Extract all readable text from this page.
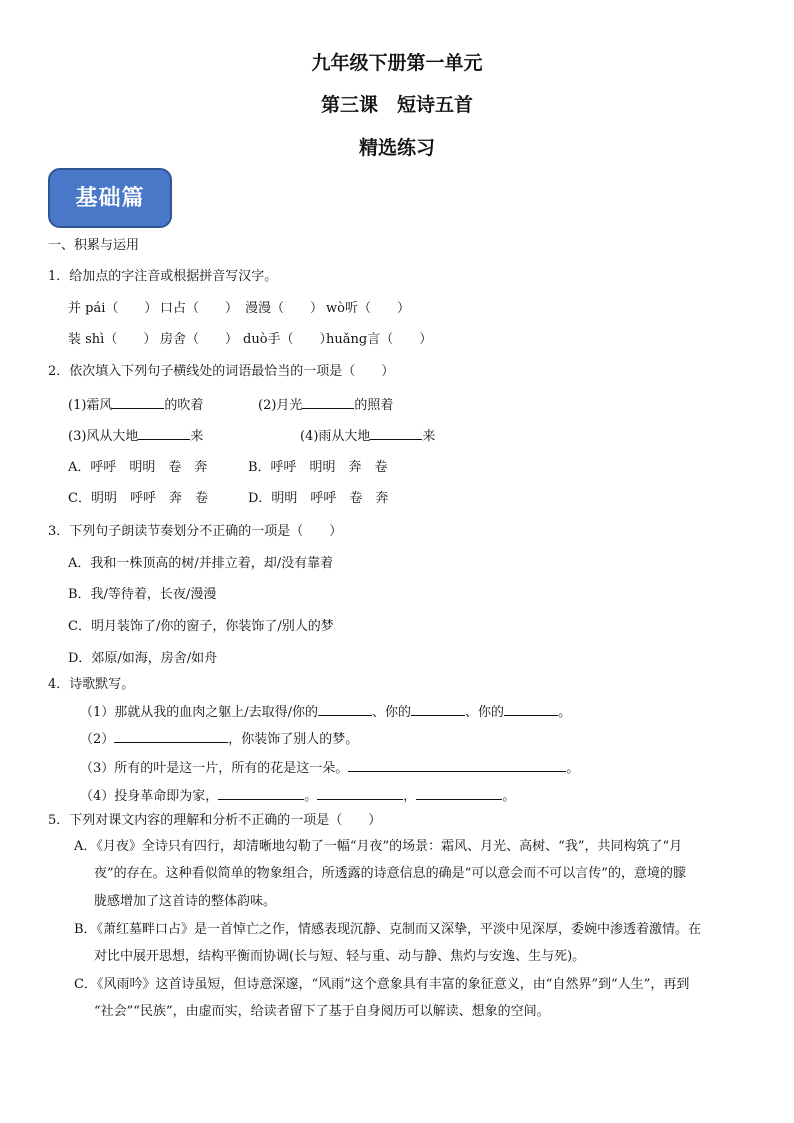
九年级下册第一单元
第三课　短诗五首
精选练习
基础篇
一、积累与运用
1．给加点的字注音或根据拼音写汉字。
并 pái（　　） 口占（　　） 漫漫（　　） wò听（　　）
装 shì（　　） 房舍（　　） duò手（　　）
huǎng言（　　）
2．依次填入下列句子横线处的词语最恰当的一项是（　　）
(1)霜风	的吹着	(2)月光	的照着
(3)风从大地	来	(4)雨从大地	来
A．呼呼　明明　卷　奔	B．呼呼　明明　奔　卷
C．明明　呼呼　奔　卷	D．明明　呼呼　卷　奔
3．下列句子朗读节奏划分不正确的一项是（　　）
A．我和一株顶高的树/并排立着，却/没有靠着
B．我/等待着，长夜/漫漫
C．明月装饰了/你的窗子，你装饰了/别人的梦
D．郊原/如海，房舍/如舟
4．诗歌默写。
（1）那就从我的血肉之躯上/去取得/你的	、你的	、你的	。
（2）	，你装饰了别人的梦。
（3）所有的叶是这一片，所有的花是这一朵。	。
（4）投身革命即为家，	。	，	。
5．下列对课文内容的理解和分析不正确的一项是（　　）
A．《月夜》全诗只有四行，却清晰地勾勒了一幅“月夜”的场景：霜风、月光、高树、“我”，共同构筑了“月
夜”的存在。这种看似简单的物象组合，所透露的诗意信息的确是“可以意会而不可以言传”的，意境的朦
胧感增加了这首诗的整体韵味。
B．《萧红墓畔口占》是一首悼亡之作，情感表现沉静、克制而又深挚，平淡中见深厚，委婉中渗透着激情。在
对比中展开思想，结构平衡而协调(长与短、轻与重、动与静、焦灼与安逸、生与死)。
C．《风雨吟》这首诗虽短，但诗意深邃，“风雨”这个意象具有丰富的象征意义，由“自然界”到“人生”，再到
“社会”“民族”，由虚而实，给读者留下了基于自身阅历可以解读、想象的空间。
